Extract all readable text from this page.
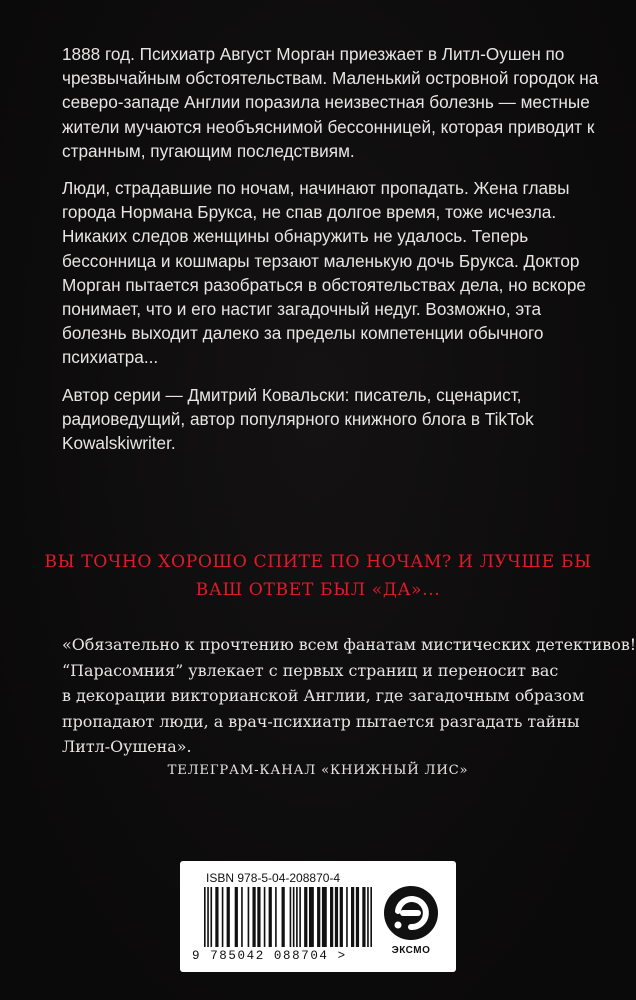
1888 год. Психиатр Август Морган приезжает в Литл-Оушен по чрезвычайным обстоятельствам. Маленький островной городок на северо-западе Англии поразила неизвестная болезнь — местные жители мучаются необъяснимой бессонницей, которая приводит к странным, пугающим последствиям.

Люди, страдавшие по ночам, начинают пропадать. Жена главы города Нормана Брукса, не спав долгое время, тоже исчезла. Никаких следов женщины обнаружить не удалось. Теперь бессонница и кошмары терзают маленькую дочь Брукса. Доктор Морган пытается разобраться в обстоятельствах дела, но вскоре понимает, что и его настиг загадочный недуг. Возможно, эта болезнь выходит далеко за пределы компетенции обычного психиатра...

Автор серии — Дмитрий Ковальски: писатель, сценарист, радиоведущий, автор популярного книжного блога в TikTok Kowalskiwriter.

ВЫ ТОЧНО ХОРОШО СПИТЕ ПО НОЧАМ? И ЛУЧШЕ БЫ
ВАШ ОТВЕТ БЫЛ «ДА»...
«Обязательно к прочтению всем фанатам мистических детективов!
“Парасомния” увлекает с первых страниц и переносит вас
в декорации викторианской Англии, где загадочным образом
пропадают люди, а врач-психиатр пытается разгадать тайны
Литл-Оушена».
ТЕЛЕГРАМ-КАНАЛ «КНИЖНЫЙ ЛИС»
ISBN 978-5-04-208870-4
9 785042 088704 >	ЭКСМО
